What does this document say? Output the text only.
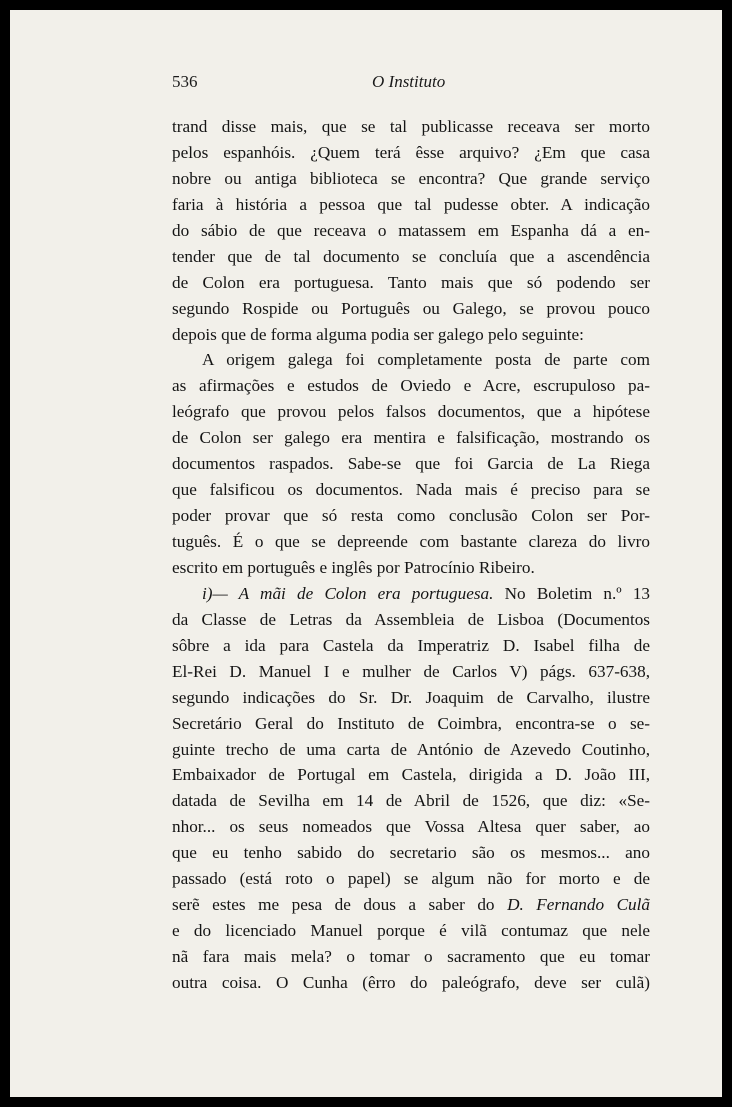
536	O Instituto
trand disse mais, que se tal publicasse receava ser morto
pelos espanhóis. ¿Quem terá êsse arquivo? ¿Em que casa
nobre ou antiga biblioteca se encontra? Que grande serviço
faria à história a pessoa que tal pudesse obter. A indicação
do sábio de que receava o matassem em Espanha dá a en-
tender que de tal documento se concluía que a ascendência
de Colon era portuguesa. Tanto mais que só podendo ser
segundo Rospide ou Português ou Galego, se provou pouco
depois que de forma alguma podia ser galego pelo seguinte:
A origem galega foi completamente posta de parte com
as afirmações e estudos de Oviedo e Acre, escrupuloso pa-
leógrafo que provou pelos falsos documentos, que a hipótese
de Colon ser galego era mentira e falsificação, mostrando os
documentos raspados. Sabe-se que foi Garcia de La Riega
que falsificou os documentos. Nada mais é preciso para se
poder provar que só resta como conclusão Colon ser Por-
tuguês. É o que se depreende com bastante clareza do livro
escrito em português e inglês por Patrocínio Ribeiro.
i)— A mãi de Colon era portuguesa. No Boletim n.º 13
da Classe de Letras da Assembleia de Lisboa (Documentos
sôbre a ida para Castela da Imperatriz D. Isabel filha de
El-Rei D. Manuel I e mulher de Carlos V) págs. 637-638,
segundo indicações do Sr. Dr. Joaquim de Carvalho, ilustre
Secretário Geral do Instituto de Coimbra, encontra-se o se-
guinte trecho de uma carta de António de Azevedo Coutinho,
Embaixador de Portugal em Castela, dirigida a D. João III,
datada de Sevilha em 14 de Abril de 1526, que diz: «Se-
nhor... os seus nomeados que Vossa Altesa quer saber, ao
que eu tenho sabido do secretario são os mesmos... ano
passado (está roto o papel) se algum não for morto e de
serẽ estes me pesa de dous a saber do D. Fernando Culã
e do licenciado Manuel porque é vilã contumaz que nele
nã fara mais mela? o tomar o sacramento que eu tomar
outra coisa. O Cunha (êrro do paleógrafo, deve ser culã)
